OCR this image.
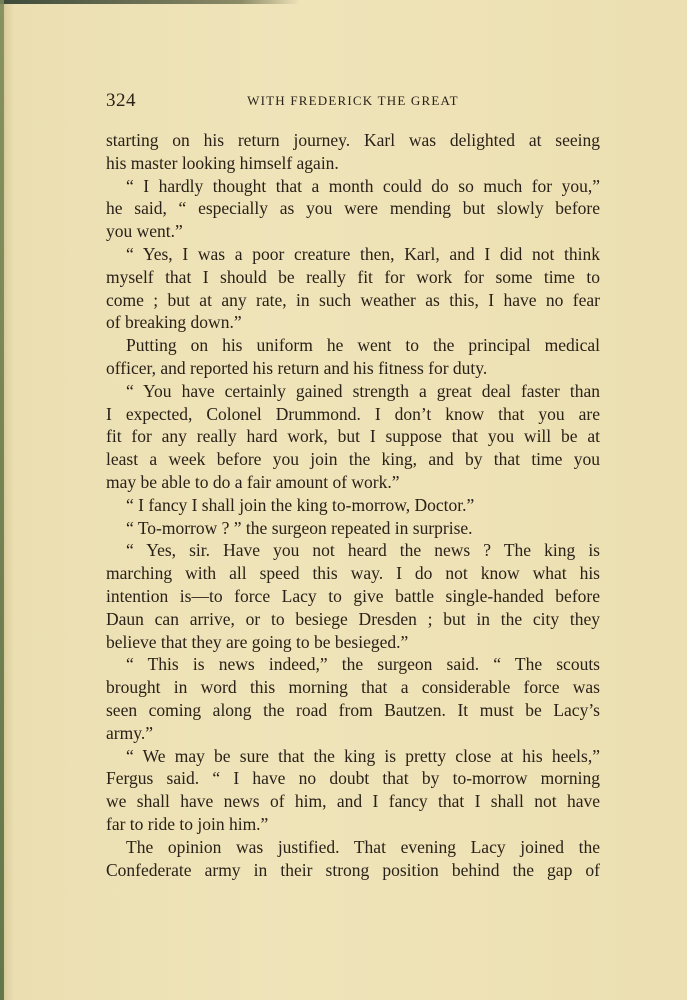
324	WITH FREDERICK THE GREAT
starting on his return journey. Karl was delighted at seeing
his master looking himself again.
“ I hardly thought that a month could do so much for you,”
he said, “ especially as you were mending but slowly before
you went.”
“ Yes, I was a poor creature then, Karl, and I did not think
myself that I should be really fit for work for some time to
come ; but at any rate, in such weather as this, I have no fear
of breaking down.”
Putting on his uniform he went to the principal medical
officer, and reported his return and his fitness for duty.
“ You have certainly gained strength a great deal faster than
I expected, Colonel Drummond. I don’t know that you are
fit for any really hard work, but I suppose that you will be at
least a week before you join the king, and by that time you
may be able to do a fair amount of work.”
“ I fancy I shall join the king to-morrow, Doctor.”
“ To-morrow ? ” the surgeon repeated in surprise.
“ Yes, sir. Have you not heard the news ? The king is
marching with all speed this way. I do not know what his
intention is—to force Lacy to give battle single-handed before
Daun can arrive, or to besiege Dresden ; but in the city they
believe that they are going to be besieged.”
“ This is news indeed,” the surgeon said. “ The scouts
brought in word this morning that a considerable force was
seen coming along the road from Bautzen. It must be Lacy’s
army.”
“ We may be sure that the king is pretty close at his heels,”
Fergus said. “ I have no doubt that by to-morrow morning
we shall have news of him, and I fancy that I shall not have
far to ride to join him.”
The opinion was justified. That evening Lacy joined the
Confederate army in their strong position behind the gap of
